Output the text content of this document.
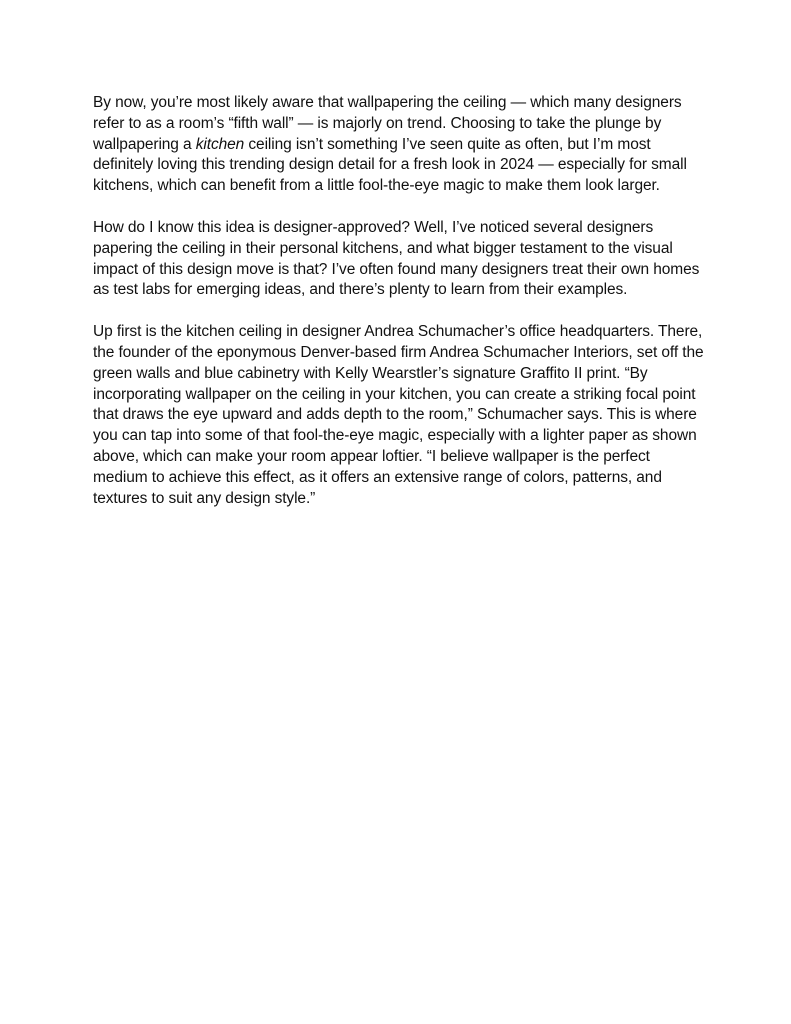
By now, you’re most likely aware that wallpapering the ceiling — which many designers refer to as a room’s “fifth wall” — is majorly on trend. Choosing to take the plunge by wallpapering a kitchen ceiling isn’t something I’ve seen quite as often, but I’m most definitely loving this trending design detail for a fresh look in 2024 — especially for small kitchens, which can benefit from a little fool-the-eye magic to make them look larger.

How do I know this idea is designer-approved? Well, I’ve noticed several designers papering the ceiling in their personal kitchens, and what bigger testament to the visual impact of this design move is that? I’ve often found many designers treat their own homes as test labs for emerging ideas, and there’s plenty to learn from their examples.

Up first is the kitchen ceiling in designer Andrea Schumacher’s office headquarters. There, the founder of the eponymous Denver-based firm Andrea Schumacher Interiors, set off the green walls and blue cabinetry with Kelly Wearstler’s signature Graffito II print. “By incorporating wallpaper on the ceiling in your kitchen, you can create a striking focal point that draws the eye upward and adds depth to the room,” Schumacher says. This is where you can tap into some of that fool-the-eye magic, especially with a lighter paper as shown above, which can make your room appear loftier. “I believe wallpaper is the perfect medium to achieve this effect, as it offers an extensive range of colors, patterns, and textures to suit any design style.”
